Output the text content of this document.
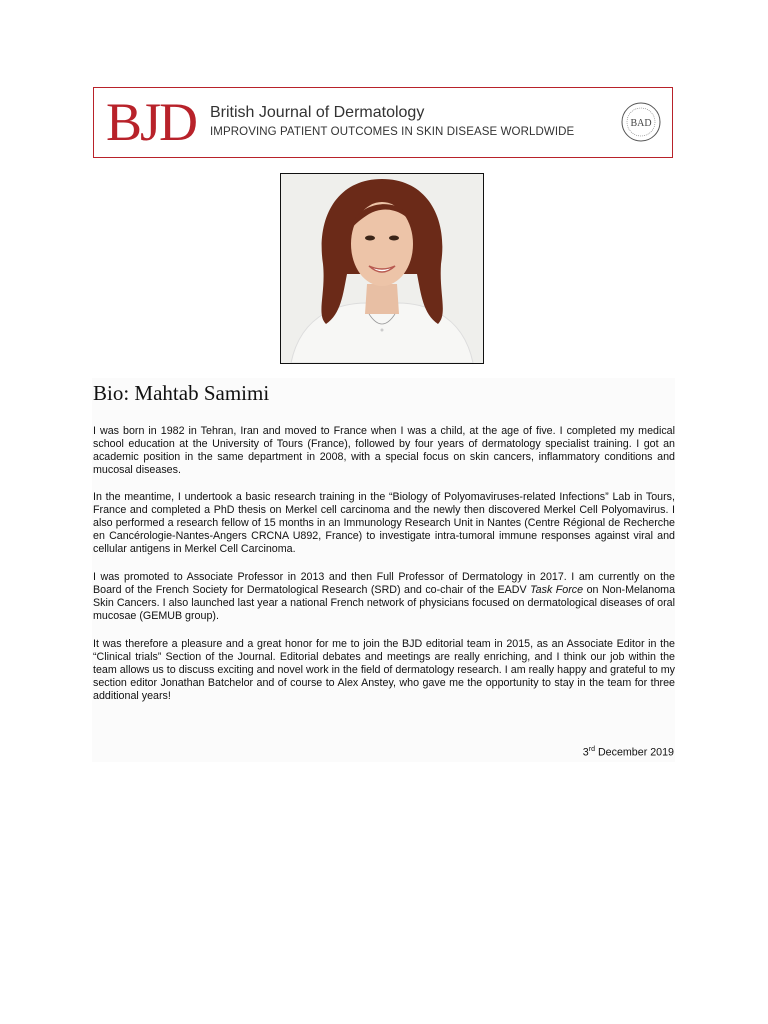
BJD British Journal of Dermatology
IMPROVING PATIENT OUTCOMES IN SKIN DISEASE WORLDWIDE
BAD
Bio: Mahtab Samimi

I was born in 1982 in Tehran, Iran and moved to France when I was a child, at the age of five. I completed my medical school education at the University of Tours (France), followed by four years of dermatology specialist training. I got an academic position in the same department in 2008, with a special focus on skin cancers, inflammatory conditions and mucosal diseases.

In the meantime, I undertook a basic research training in the “Biology of Polyomaviruses-related Infections” Lab in Tours, France and completed a PhD thesis on Merkel cell carcinoma and the newly then discovered Merkel Cell Polyomavirus. I also performed a research fellow of 15 months in an Immunology Research Unit in Nantes (Centre Régional de Recherche en Cancérologie-Nantes-Angers CRCNA U892, France) to investigate intra-tumoral immune responses against viral and cellular antigens in Merkel Cell Carcinoma.

I was promoted to Associate Professor in 2013 and then Full Professor of Dermatology in 2017. I am currently on the Board of the French Society for Dermatological Research (SRD) and co-chair of the EADV Task Force on Non-Melanoma Skin Cancers. I also launched last year a national French network of physicians focused on dermatological diseases of oral mucosae (GEMUB group).

It was therefore a pleasure and a great honor for me to join the BJD editorial team in 2015, as an Associate Editor in the “Clinical trials” Section of the Journal. Editorial debates and meetings are really enriching, and I think our job within the team allows us to discuss exciting and novel work in the field of dermatology research. I am really happy and grateful to my section editor Jonathan Batchelor and of course to Alex Anstey, who gave me the opportunity to stay in the team for three additional years!

3rd December 2019
